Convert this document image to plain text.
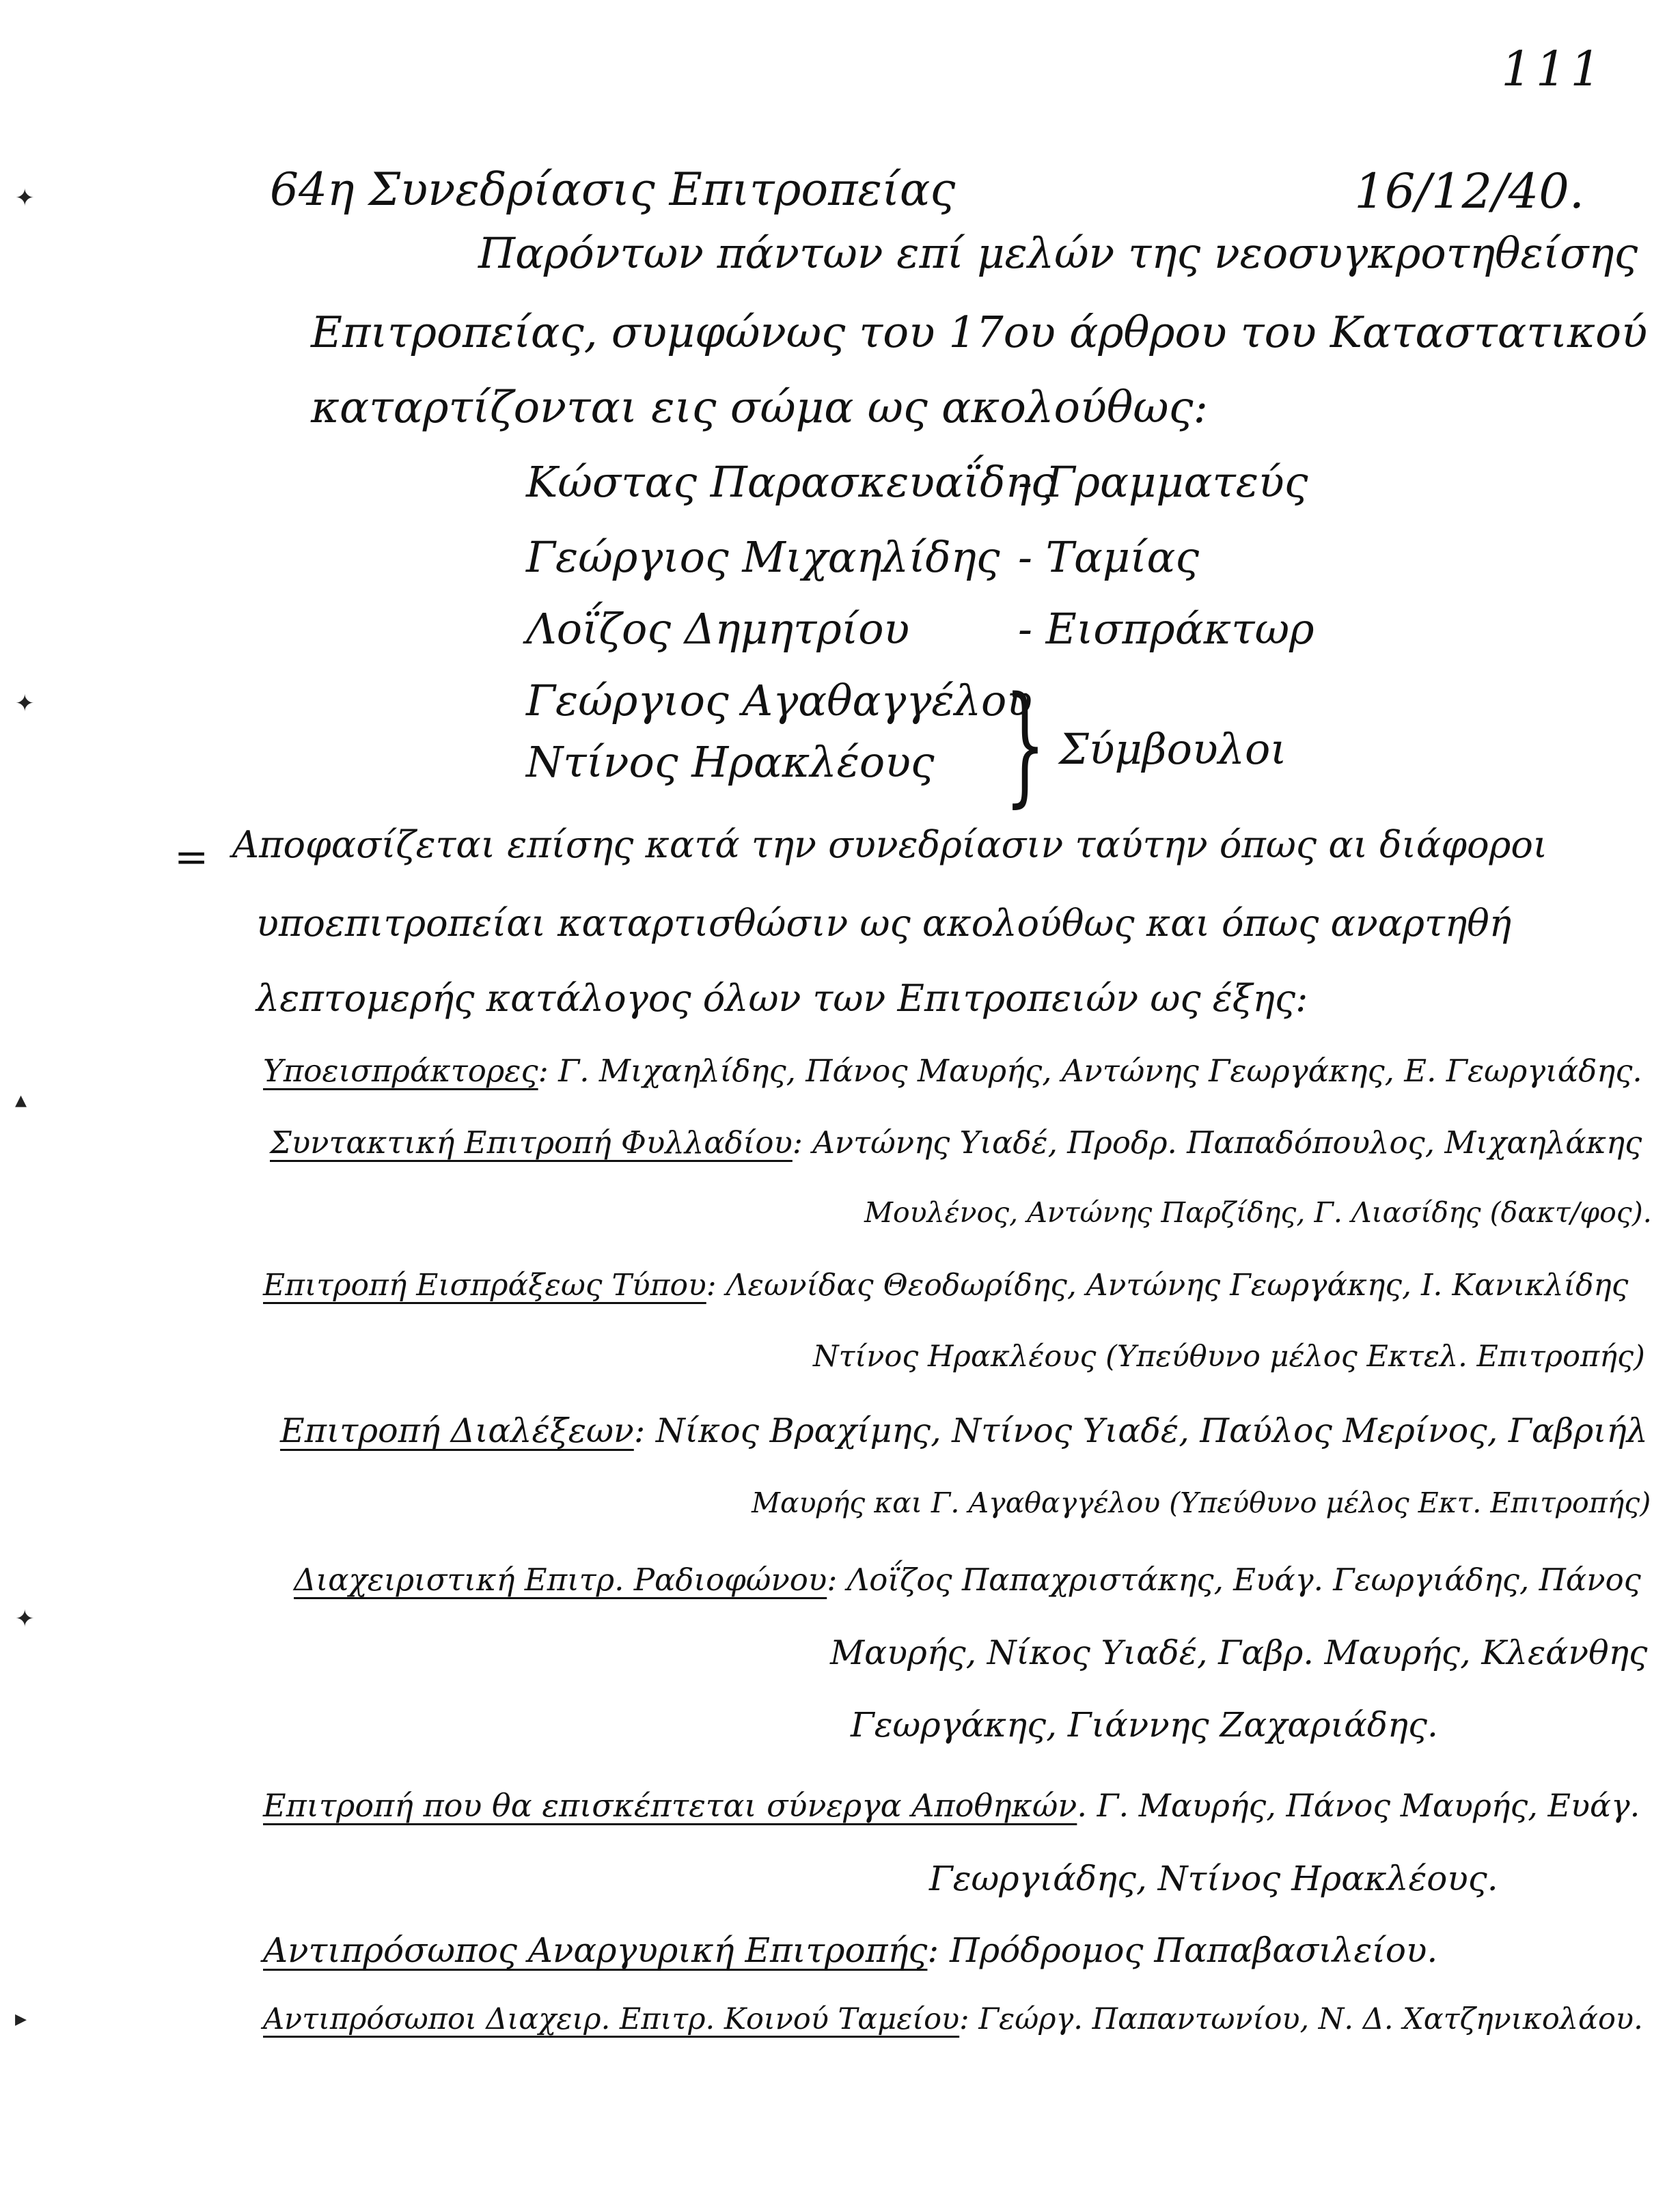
111
✦
✦
▴
✦
▸
64η Συνεδρίασις Επιτροπείας	16/12/40.
Παρόντων πάντων επί μελών της νεοσυγκροτηθείσης
Επιτροπείας, συμφώνως του 17ου άρθρου του Καταστατικού
καταρτίζονται εις σώμα ως ακολούθως:
Κώστας Παρασκευαΐδης
- Γραμματεύς
Γεώργιος Μιχαηλίδης - Ταμίας
Λοΐζος Δημητρίου	- Εισπράκτωρ
Γεώργιος Αγαθαγγέλου
Ντίνος Ηρακλέους } Σύμβουλοι
= Αποφασίζεται επίσης κατά την συνεδρίασιν ταύτην όπως αι διάφοροι
υποεπιτροπείαι καταρτισθώσιν ως ακολούθως και όπως αναρτηθή
λεπτομερής κατάλογος όλων των Επιτροπειών ως έξης:
Υποεισπράκτορες: Γ. Μιχαηλίδης, Πάνος Μαυρής, Αντώνης Γεωργάκης, Ε. Γεωργιάδης.
Συντακτική Επιτροπή Φυλλαδίου: Αντώνης Υιαδέ, Προδρ. Παπαδόπουλος, Μιχαηλάκης
Μουλένος, Αντώνης Παρζίδης, Γ. Λιασίδης (δακτ/φος).
Επιτροπή Εισπράξεως Τύπου: Λεωνίδας Θεοδωρίδης, Αντώνης Γεωργάκης, Ι. Κανικλίδης
Ντίνος Ηρακλέους (Υπεύθυνο μέλος Εκτελ. Επιτροπής)
Επιτροπή Διαλέξεων: Νίκος Βραχίμης, Ντίνος Υιαδέ, Παύλος Μερίνος, Γαβριήλ
Μαυρής και Γ. Αγαθαγγέλου (Υπεύθυνο μέλος Εκτ. Επιτροπής)
Διαχειριστική Επιτρ. Ραδιοφώνου: Λοΐζος Παπαχριστάκης, Ευάγ. Γεωργιάδης, Πάνος
Μαυρής, Νίκος Υιαδέ, Γαβρ. Μαυρής, Κλεάνθης
Γεωργάκης, Γιάννης Ζαχαριάδης.
Επιτροπή που θα επισκέπτεται σύνεργα Αποθηκών. Γ. Μαυρής, Πάνος Μαυρής, Ευάγ.
Γεωργιάδης, Ντίνος Ηρακλέους.
Αντιπρόσωπος Αναργυρική Επιτροπής: Πρόδρομος Παπαβασιλείου.
Αντιπρόσωποι Διαχειρ. Επιτρ. Κοινού Ταμείου: Γεώργ. Παπαντωνίου, Ν. Δ. Χατζηνικολάου.
